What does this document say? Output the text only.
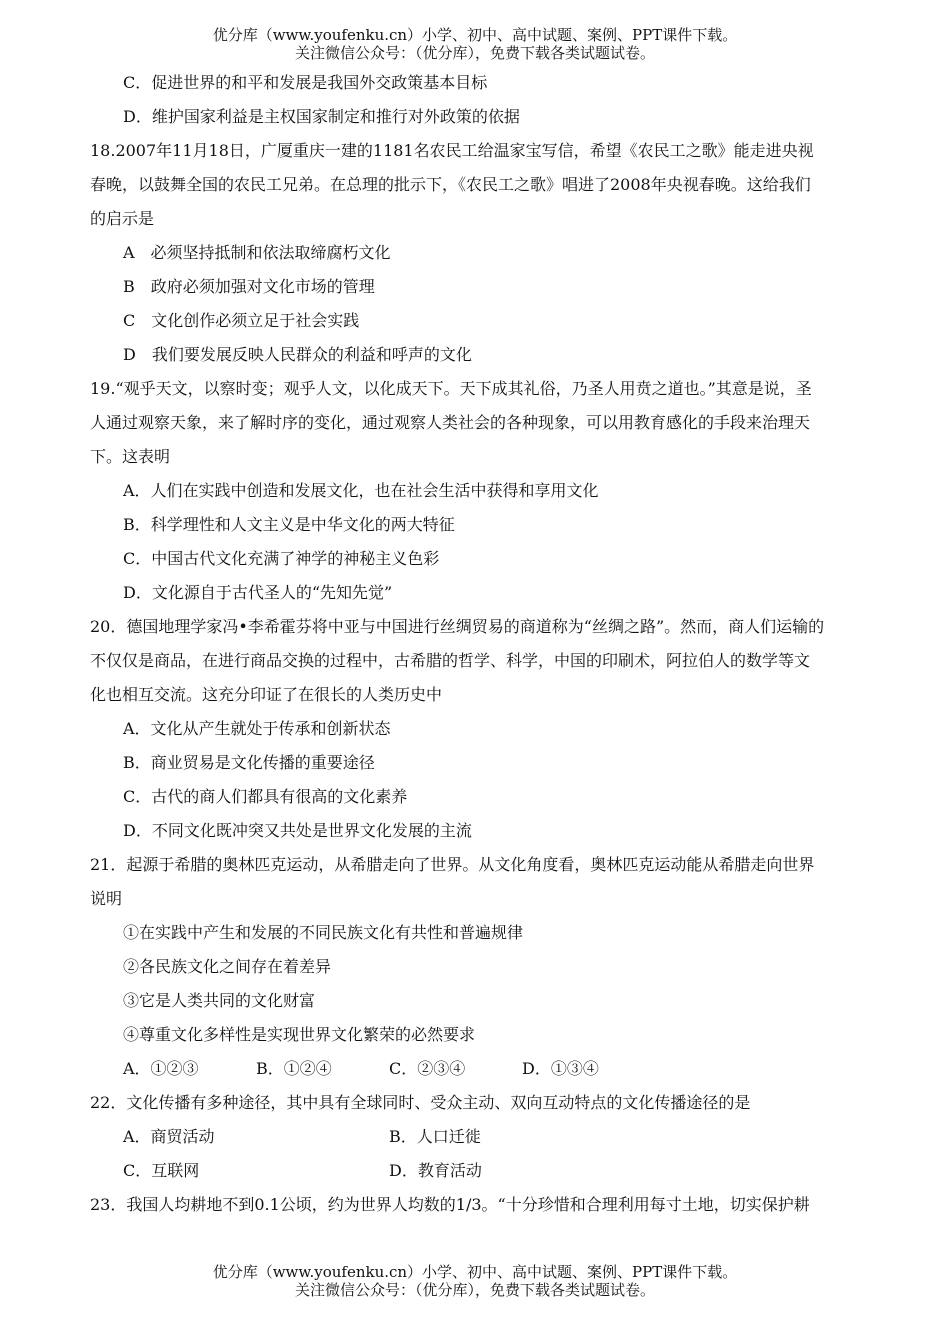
优分库（www.youfenku.cn）小学、初中、高中试题、案例、PPT课件下载。
关注微信公众号：（优分库），免费下载各类试题试卷。
C．促进世界的和平和发展是我国外交政策基本目标
D．维护国家利益是主权国家制定和推行对外政策的依据
18.2007年11月18日，广厦重庆一建的1181名农民工给温家宝写信，希望《农民工之歌》能走进央视
春晚，以鼓舞全国的农民工兄弟。在总理的批示下，《农民工之歌》唱进了2008年央视春晚。这给我们
的启示是
A　必须坚持抵制和依法取缔腐朽文化
B　政府必须加强对文化市场的管理
C　文化创作必须立足于社会实践
D　我们要发展反映人民群众的利益和呼声的文化
19.“观乎天文，以察时变；观乎人文，以化成天下。天下成其礼俗，乃圣人用贲之道也。”其意是说，圣
人通过观察天象，来了解时序的变化，通过观察人类社会的各种现象，可以用教育感化的手段来治理天
下。这表明
A．人们在实践中创造和发展文化，也在社会生活中获得和享用文化
B．科学理性和人文主义是中华文化的两大特征
C．中国古代文化充满了神学的神秘主义色彩
D．文化源自于古代圣人的“先知先觉”
20．德国地理学家冯•李希霍芬将中亚与中国进行丝绸贸易的商道称为“丝绸之路”。然而，商人们运输的
不仅仅是商品，在进行商品交换的过程中，古希腊的哲学、科学，中国的印刷术，阿拉伯人的数学等文
化也相互交流。这充分印证了在很长的人类历史中
A．文化从产生就处于传承和创新状态
B．商业贸易是文化传播的重要途径
C．古代的商人们都具有很高的文化素养
D．不同文化既冲突又共处是世界文化发展的主流
21．起源于希腊的奥林匹克运动，从希腊走向了世界。从文化角度看，奥林匹克运动能从希腊走向世界
说明
①在实践中产生和发展的不同民族文化有共性和普遍规律
②各民族文化之间存在着差异
③它是人类共同的文化财富
④尊重文化多样性是实现世界文化繁荣的必然要求
A．①②③	B．①②④	C．②③④	D．①③④
22．文化传播有多种途径，其中具有全球同时、受众主动、双向互动特点的文化传播途径的是
A．商贸活动	B．人口迁徙
C．互联网	D．教育活动
23．我国人均耕地不到0.1公顷，约为世界人均数的1/3。“十分珍惜和合理利用每寸土地，切实保护耕
优分库（www.youfenku.cn）小学、初中、高中试题、案例、PPT课件下载。
关注微信公众号：（优分库），免费下载各类试题试卷。
